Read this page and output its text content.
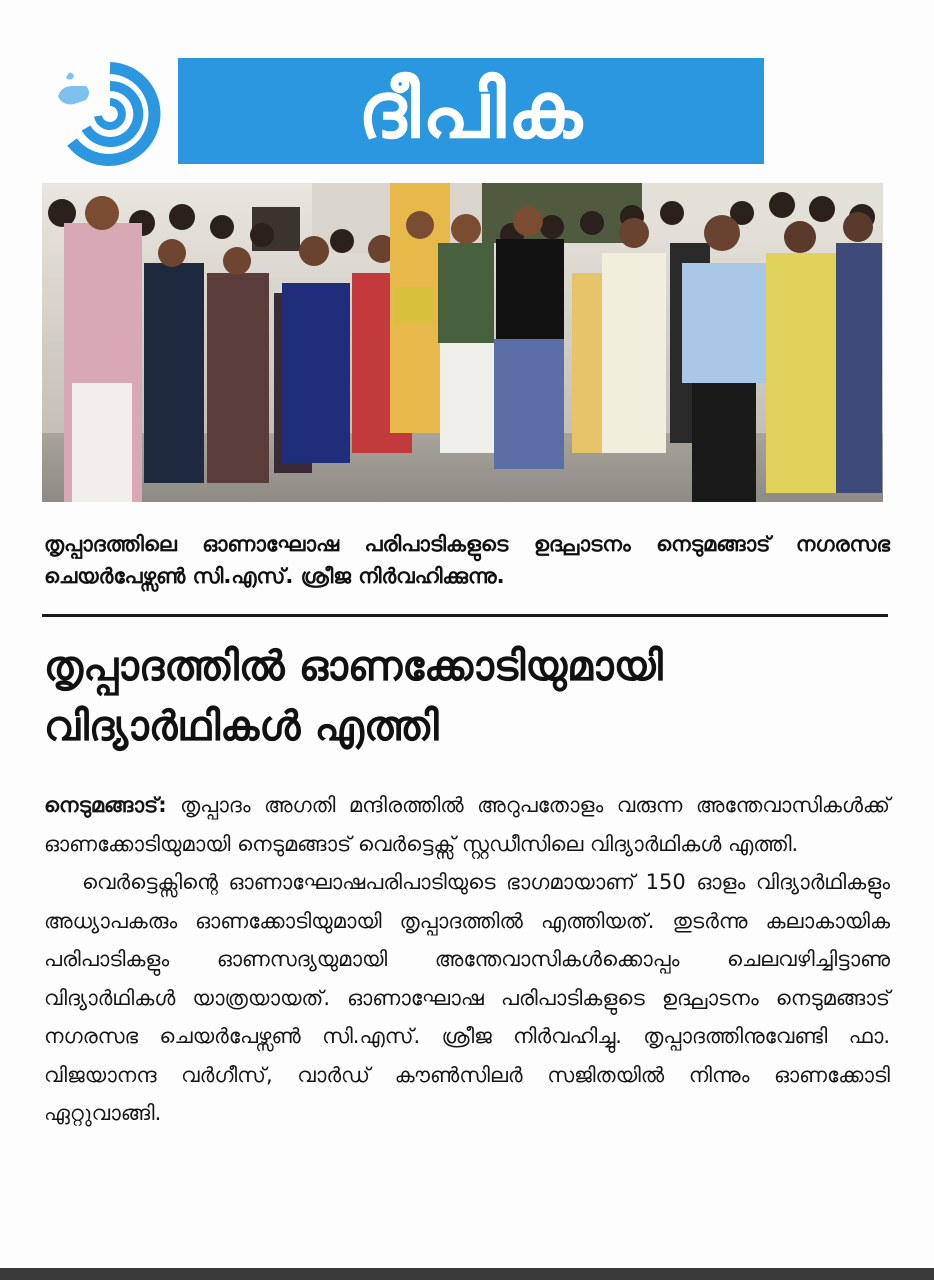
ദീപിക
തൃപ്പാദത്തിലെ ഓണാഘോഷ പരിപാടികളുടെ ഉദ്ഘാടനം നെടുമങ്ങാട് നഗരസഭ ചെയർപേഴ്സൺ സി.എസ്. ശ്രീജ നിർവഹിക്കുന്നു.
തൃപ്പാദത്തിൽ ഓണക്കോടിയുമായി
വിദ്യാർഥികൾ എത്തി

നെടുമങ്ങാട്: തൃപ്പാദം അഗതി മന്ദിരത്തിൽ അറുപതോളം വരുന്ന അന്തേവാസികൾക്ക് ഓണക്കോടിയുമായി നെടുമങ്ങാട് വെർട്ടെക്സ് സ്റ്റഡീസിലെ വിദ്യാർഥികൾ എത്തി.

വെർട്ടെക്സിന്റെ ഓണാഘോഷപരിപാടിയുടെ ഭാഗമായാണ് 150 ഓളം വിദ്യാർഥികളും അധ്യാപകരും ഓണക്കോടിയുമായി തൃപ്പാദത്തിൽ എത്തിയത്. തുടർന്നു കലാകായിക പരിപാടികളും ഓണസദ്യയുമായി അന്തേവാസികൾക്കൊപ്പം ചെലവഴിച്ചിട്ടാണു വിദ്യാർഥികൾ യാത്രയായത്. ഓണാഘോഷ പരിപാടികളുടെ ഉദ്ഘാടനം നെടുമങ്ങാട് നഗരസഭ ചെയർപേഴ്സൺ സി.എസ്. ശ്രീജ നിർവഹിച്ചു. തൃപ്പാദത്തിനുവേണ്ടി ഫാ. വിജയാനന്ദ വർഗീസ്, വാർഡ് കൗൺസിലർ സജിതയിൽ നിന്നും ഓണക്കോടി ഏറ്റുവാങ്ങി.
